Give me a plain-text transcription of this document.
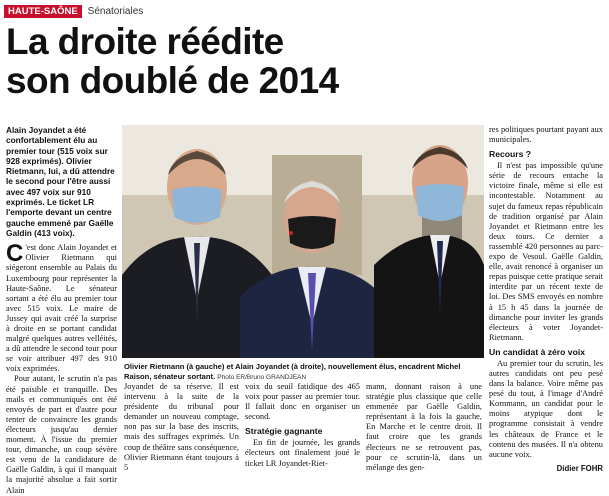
HAUTE-SAÔNE	Sénatoriales
La droite réédite
son doublé de 2014
Alain Joyandet a été confortablement élu au premier tour (515 voix sur 928 exprimés). Olivier Rietmann, lui, a dû attendre le second pour l'être aussi avec 497 voix sur 910 exprimés. Le ticket LR l'emporte devant un centre gauche emmené par Gaëlle Galdin (413 voix).

C 'est donc Alain Joyandet et Olivier Rietmann qui siégeront ensemble au Palais du Luxembourg pour représenter la Haute-Saône. Le sénateur sortant a été élu au premier tour avec 515 voix. Le maire de Jussey qui avait créé la surprise à droite en se portant candidat malgré quelques autres velléités, a dû attendre le second tour pour se voir attribuer 497 des 910 voix exprimées.

Pour autant, le scrutin n'a pas été paisible et tranquille. Des mails et communiqués ont été envoyés de part et d'autre pour tenter de convaincre les grands électeurs jusqu'au dernier moment. À l'issue du premier tour, dimanche, un coup sévère est venu de la candidature de Gaëlle Galdin, à qui il manquait la majorité absolue a fait sortir Alain

Olivier Rietmann (à gauche) et Alain Joyandet (à droite), nouvellement élus, encadrent Michel Raison, sénateur sortant. Photo ER/Bruno GRANDJEAN

Joyandet de sa réserve. Il est intervenu à la suite de la présidente du tribunal pour demander un nouveau comptage, non pas sur la base des inscrits, mais des suffrages exprimés. Un coup de théâtre sans conséquence, Olivier Rietmann étant toujours à 5

voix du seuil fatidique des 465 voix pour passer au premier tour. Il fallait donc en organiser un second.

Stratégie gagnante

En fin de journée, les grands électeurs ont finalement joué le ticket LR Joyandet-Riet-

mann, donnant raison à une stratégie plus classique que celle emmenée par Gaëlle Galdin, représentant à la fois la gauche, En Marche et le centre droit. Il faut croire que les grands électeurs ne se retrouvent pas, pour ce scrutin-là, dans un mélange des gen-

res politiques pourtant payant aux municipales.

Recours ?

Il n'est pas impossible qu'une série de recours entache la victoire finale, même si elle est incontestable. Notamment au sujet du fameux repas républicain de tradition organisé par Alain Joyandet et Rietmann entre les deux tours. Ce dernier a rassemblé 420 personnes au parc-expo de Vesoul. Gaëlle Galdin, elle, avait renoncé à organiser un repas puisque cette pratique serait interdite par un récent texte de loi. Des SMS envoyés en nombre à 15 h 45 dans la journée de dimanche pour inviter les grands électeurs à voter Joyandet-Rietmann.

Un candidat à zéro voix

Au premier tour du scrutin, les autres candidats ont peu pesé dans la balance. Voire même pas pesé du tout, à l'image d'André Kornmann, un candidat pour le moins atypique dont le programme consistait à vendre les châteaux de France et le contenu des musées. Il n'a obtenu aucune voix.

Didier FOHR
